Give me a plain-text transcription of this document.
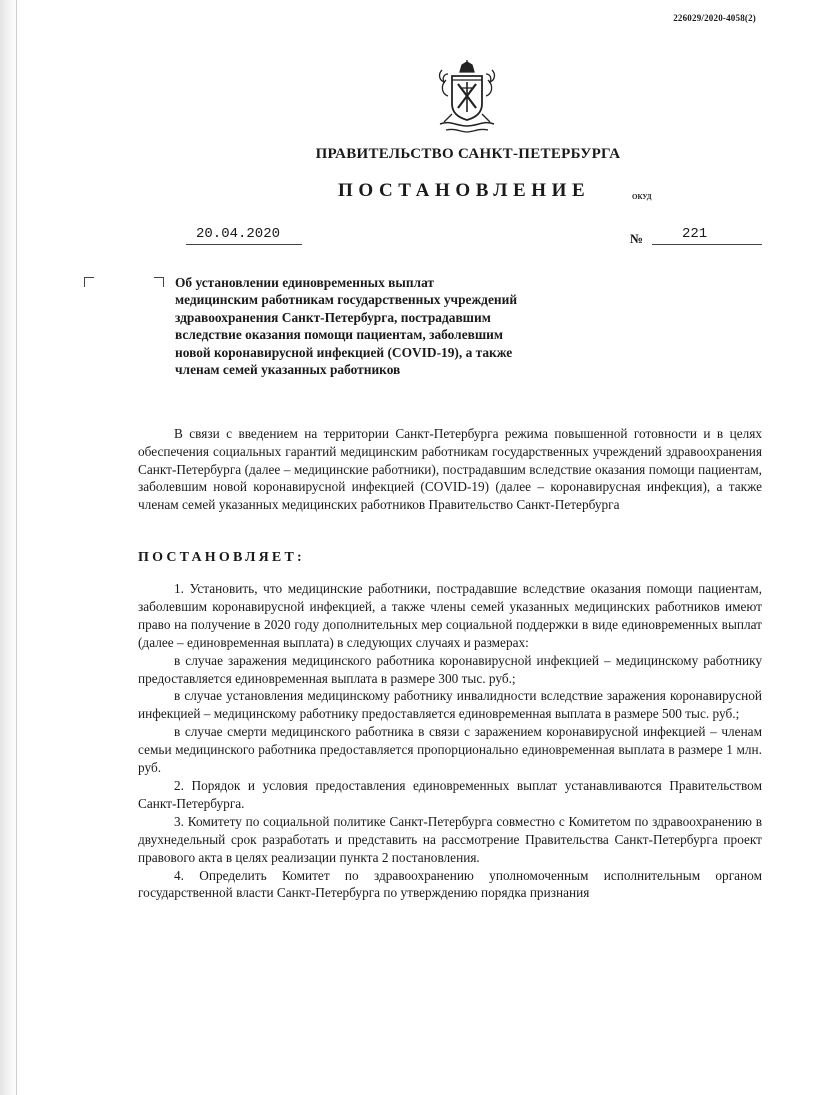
226029/2020-4058(2)
ПРАВИТЕЛЬСТВО САНКТ-ПЕТЕРБУРГА
ПОСТАНОВЛЕНИЕ	ОКУД
20.04.2020	№	221
Об установлении единовременных выплат
медицинским работникам государственных учреждений
здравоохранения Санкт-Петербурга, пострадавшим
вследствие оказания помощи пациентам, заболевшим
новой коронавирусной инфекцией (COVID-19), а также
членам семей указанных работников
В связи с введением на территории Санкт-Петербурга режима повышенной готовности и в целях обеспечения социальных гарантий медицинским работникам государственных учреждений здравоохранения Санкт-Петербурга (далее – медицинские работники), пострадавшим вследствие оказания помощи пациентам, заболевшим новой коронавирусной инфекцией (COVID-19) (далее – коронавирусная инфекция), а также членам семей указанных медицинских работников Правительство Санкт-Петербурга
ПОСТАНОВЛЯЕТ:

1. Установить, что медицинские работники, пострадавшие вследствие оказания помощи пациентам, заболевшим коронавирусной инфекцией, а также члены семей указанных медицинских работников имеют право на получение в 2020 году дополнительных мер социальной поддержки в виде единовременных выплат (далее – единовременная выплата) в следующих случаях и размерах:

в случае заражения медицинского работника коронавирусной инфекцией – медицинскому работнику предоставляется единовременная выплата в размере 300 тыс. руб.;

в случае установления медицинскому работнику инвалидности вследствие заражения коронавирусной инфекцией – медицинскому работнику предоставляется единовременная выплата в размере 500 тыс. руб.;

в случае смерти медицинского работника в связи с заражением коронавирусной инфекцией – членам семьи медицинского работника предоставляется пропорционально единовременная выплата в размере 1 млн. руб.

2. Порядок и условия предоставления единовременных выплат устанавливаются Правительством Санкт-Петербурга.

3. Комитету по социальной политике Санкт-Петербурга совместно с Комитетом по здравоохранению в двухнедельный срок разработать и представить на рассмотрение Правительства Санкт-Петербурга проект правового акта в целях реализации пункта 2 постановления.

4. Определить Комитет по здравоохранению уполномоченным исполнительным органом государственной власти Санкт-Петербурга по утверждению порядка признания
